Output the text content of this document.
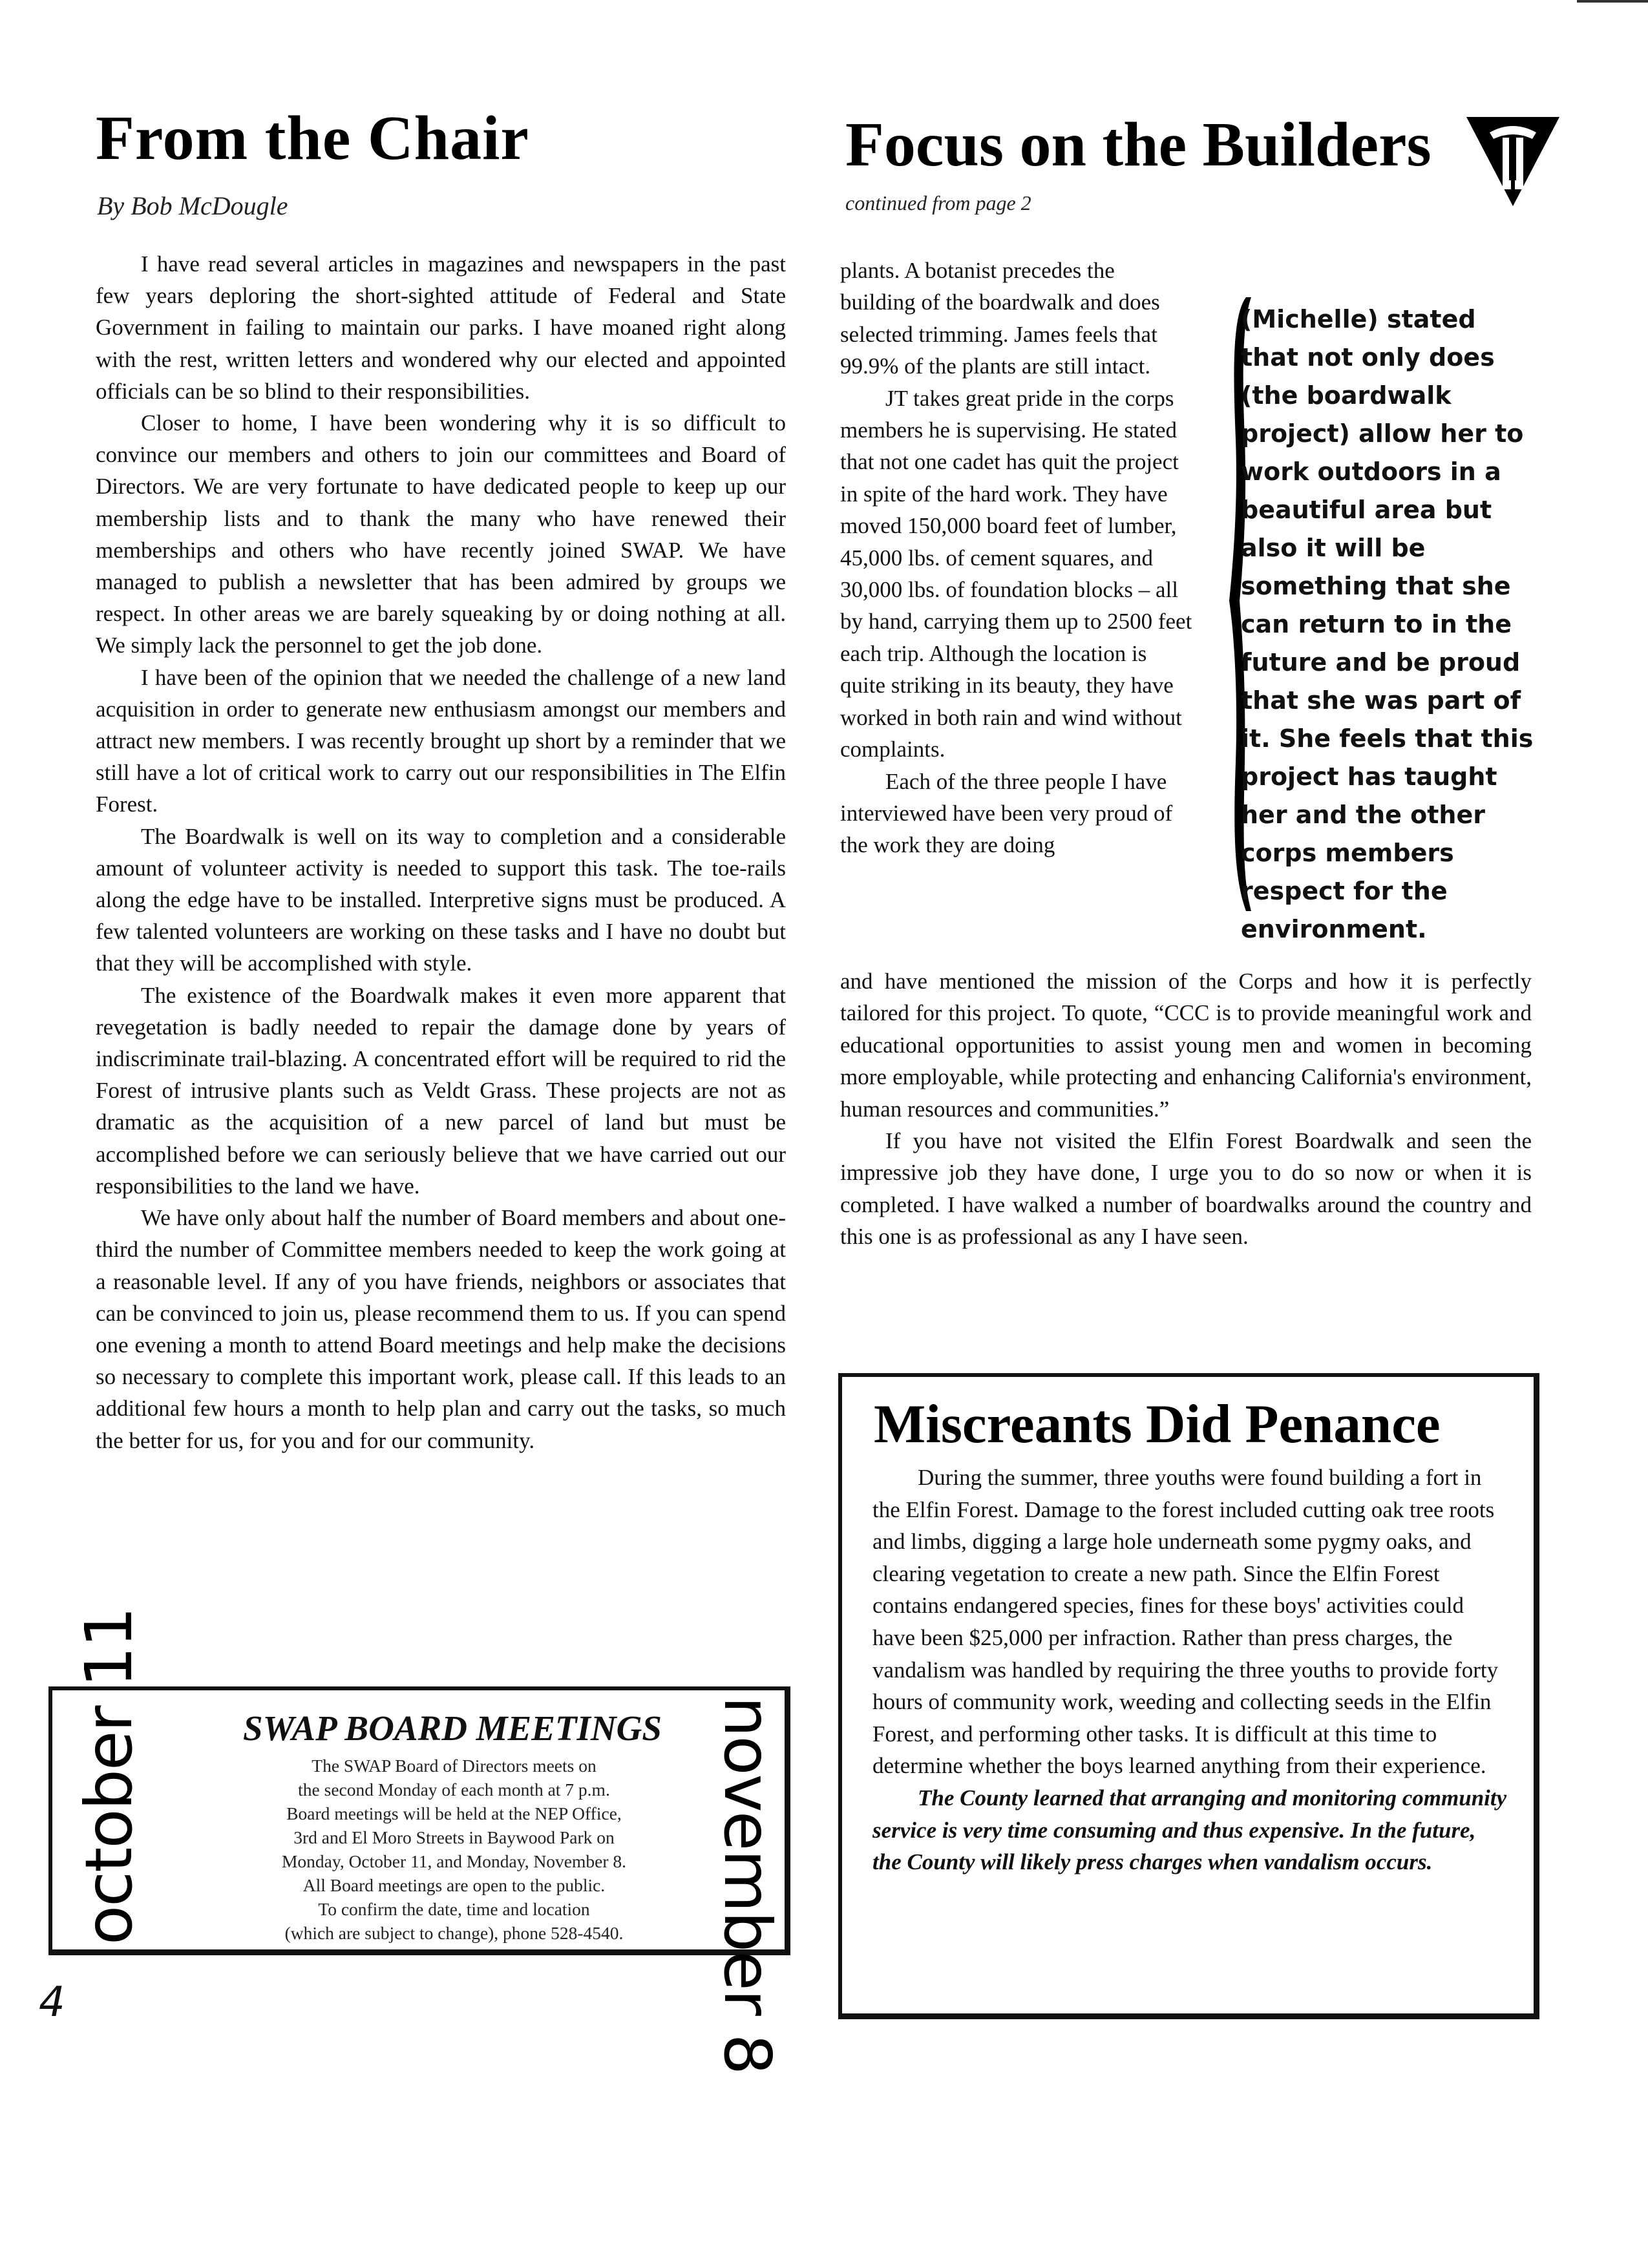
From the Chair
By Bob McDougle

I have read several articles in magazines and newspapers in the past few years deploring the short-sighted attitude of Federal and State Government in failing to maintain our parks. I have moaned right along with the rest, written letters and wondered why our elected and appointed officials can be so blind to their responsibilities.

Closer to home, I have been wondering why it is so difficult to convince our members and others to join our committees and Board of Directors. We are very fortunate to have dedicated people to keep up our membership lists and to thank the many who have renewed their memberships and others who have recently joined SWAP. We have managed to publish a newsletter that has been admired by groups we respect. In other areas we are barely squeaking by or doing nothing at all. We simply lack the personnel to get the job done.

I have been of the opinion that we needed the challenge of a new land acquisition in order to generate new enthusiasm amongst our members and attract new members. I was recently brought up short by a reminder that we still have a lot of critical work to carry out our responsibilities in The Elfin Forest.

The Boardwalk is well on its way to completion and a considerable amount of volunteer activity is needed to support this task. The toe-rails along the edge have to be installed. Interpretive signs must be produced. A few talented volunteers are working on these tasks and I have no doubt but that they will be accomplished with style.

The existence of the Boardwalk makes it even more apparent that revegetation is badly needed to repair the damage done by years of indiscriminate trail-blazing. A concentrated effort will be required to rid the Forest of intrusive plants such as Veldt Grass. These projects are not as dramatic as the acquisition of a new parcel of land but must be accomplished before we can seriously believe that we have carried out our responsibilities to the land we have.

We have only about half the number of Board members and about one-third the number of Committee members needed to keep the work going at a reasonable level. If any of you have friends, neighbors or associates that can be convinced to join us, please recommend them to us. If you can spend one evening a month to attend Board meetings and help make the decisions so necessary to complete this important work, please call. If this leads to an additional few hours a month to help plan and carry out the tasks, so much the better for us, for you and for our community.

Focus on the Builders
continued from page 2

plants. A botanist precedes the building of the boardwalk and does selected trimming. James feels that 99.9% of the plants are still intact.

JT takes great pride in the corps members he is supervising. He stated that not one cadet has quit the project in spite of the hard work. They have moved 150,000 board feet of lumber, 45,000 lbs. of cement squares, and 30,000 lbs. of foundation blocks – all by hand, carrying them up to 2500 feet each trip. Although the location is quite striking in its beauty, they have worked in both rain and wind without complaints.

Each of the three people I have interviewed have been very proud of the work they are doing

(Michelle) stated that not only does (the boardwalk project) allow her to work outdoors in a beautiful area but also it will be something that she can return to in the future and be proud that she was part of it. She feels that this project has taught her and the other corps members respect for the environment.

and have mentioned the mission of the Corps and how it is perfectly tailored for this project. To quote, “CCC is to provide meaningful work and educational opportunities to assist young men and women in becoming more employable, while protecting and enhancing California's environment, human resources and communities.”

If you have not visited the Elfin Forest Boardwalk and seen the impressive job they have done, I urge you to do so now or when it is completed. I have walked a number of boardwalks around the country and this one is as professional as any I have seen.

Miscreants Did Penance

During the summer, three youths were found building a fort in the Elfin Forest. Damage to the forest included cutting oak tree roots and limbs, digging a large hole underneath some pygmy oaks, and clearing vegetation to create a new path. Since the Elfin Forest contains endangered species, fines for these boys' activities could have been $25,000 per infraction. Rather than press charges, the vandalism was handled by requiring the three youths to provide forty hours of community work, weeding and collecting seeds in the Elfin Forest, and performing other tasks. It is difficult at this time to determine whether the boys learned anything from their experience.

The County learned that arranging and monitoring community service is very time consuming and thus expensive. In the future, the County will likely press charges when vandalism occurs.

october 11	november 8
SWAP BOARD MEETINGS

The SWAP Board of Directors meets on

the second Monday of each month at 7 p.m.

Board meetings will be held at the NEP Office,

3rd and El Moro Streets in Baywood Park on

Monday, October 11, and Monday, November 8.

All Board meetings are open to the public.

To confirm the date, time and location

(which are subject to change), phone 528-4540.

4
